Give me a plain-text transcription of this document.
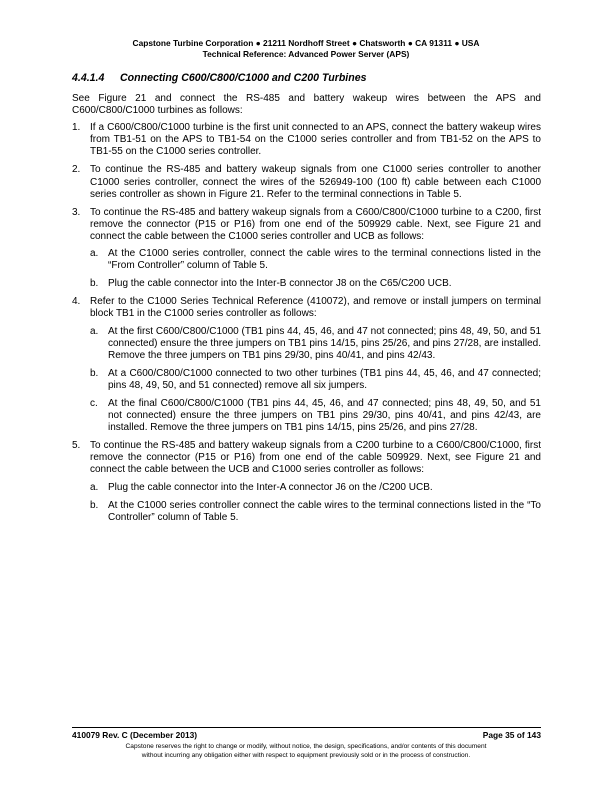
Capstone Turbine Corporation ● 21211 Nordhoff Street ● Chatsworth ● CA 91311 ● USA
Technical Reference: Advanced Power Server (APS)
4.4.1.4 Connecting C600/C800/C1000 and C200 Turbines

See Figure 21 and connect the RS-485 and battery wakeup wires between the APS and C600/C800/C1000 turbines as follows:

1. If a C600/C800/C1000 turbine is the first unit connected to an APS, connect the battery wakeup wires from TB1-51 on the APS to TB1-54 on the C1000 series controller and from TB1-52 on the APS to TB1-55 on the C1000 series controller.
2. To continue the RS-485 and battery wakeup signals from one C1000 series controller to another C1000 series controller, connect the wires of the 526949-100 (100 ft) cable between each C1000 series controller as shown in Figure 21. Refer to the terminal connections in Table 5.
3. To continue the RS-485 and battery wakeup signals from a C600/C800/C1000 turbine to a C200, first remove the connector (P15 or P16) from one end of the 509929 cable. Next, see Figure 21 and connect the cable between the C1000 series controller and UCB as follows:
a. At the C1000 series controller, connect the cable wires to the terminal connections listed in the “From Controller” column of Table 5.
b. Plug the cable connector into the Inter-B connector J8 on the C65/C200 UCB.
4. Refer to the C1000 Series Technical Reference (410072), and remove or install jumpers on terminal block TB1 in the C1000 series controller as follows:
a. At the first C600/C800/C1000 (TB1 pins 44, 45, 46, and 47 not connected; pins 48, 49, 50, and 51 connected) ensure the three jumpers on TB1 pins 14/15, pins 25/26, and pins 27/28, are installed. Remove the three jumpers on TB1 pins 29/30, pins 40/41, and pins 42/43.
b. At a C600/C800/C1000 connected to two other turbines (TB1 pins 44, 45, 46, and 47 connected; pins 48, 49, 50, and 51 connected) remove all six jumpers.
c. At the final C600/C800/C1000 (TB1 pins 44, 45, 46, and 47 connected; pins 48, 49, 50, and 51 not connected) ensure the three jumpers on TB1 pins 29/30, pins 40/41, and pins 42/43, are installed. Remove the three jumpers on TB1 pins 14/15, pins 25/26, and pins 27/28.
5. To continue the RS-485 and battery wakeup signals from a C200 turbine to a C600/C800/C1000, first remove the connector (P15 or P16) from one end of the cable 509929. Next, see Figure 21 and connect the cable between the UCB and C1000 series controller as follows:
a. Plug the cable connector into the Inter-A connector J6 on the /C200 UCB.
b. At the C1000 series controller connect the cable wires to the terminal connections listed in the “To Controller” column of Table 5.
410079 Rev. C (December 2013)	Page 35 of 143
Capstone reserves the right to change or modify, without notice, the design, specifications, and/or contents of this document
without incurring any obligation either with respect to equipment previously sold or in the process of construction.
